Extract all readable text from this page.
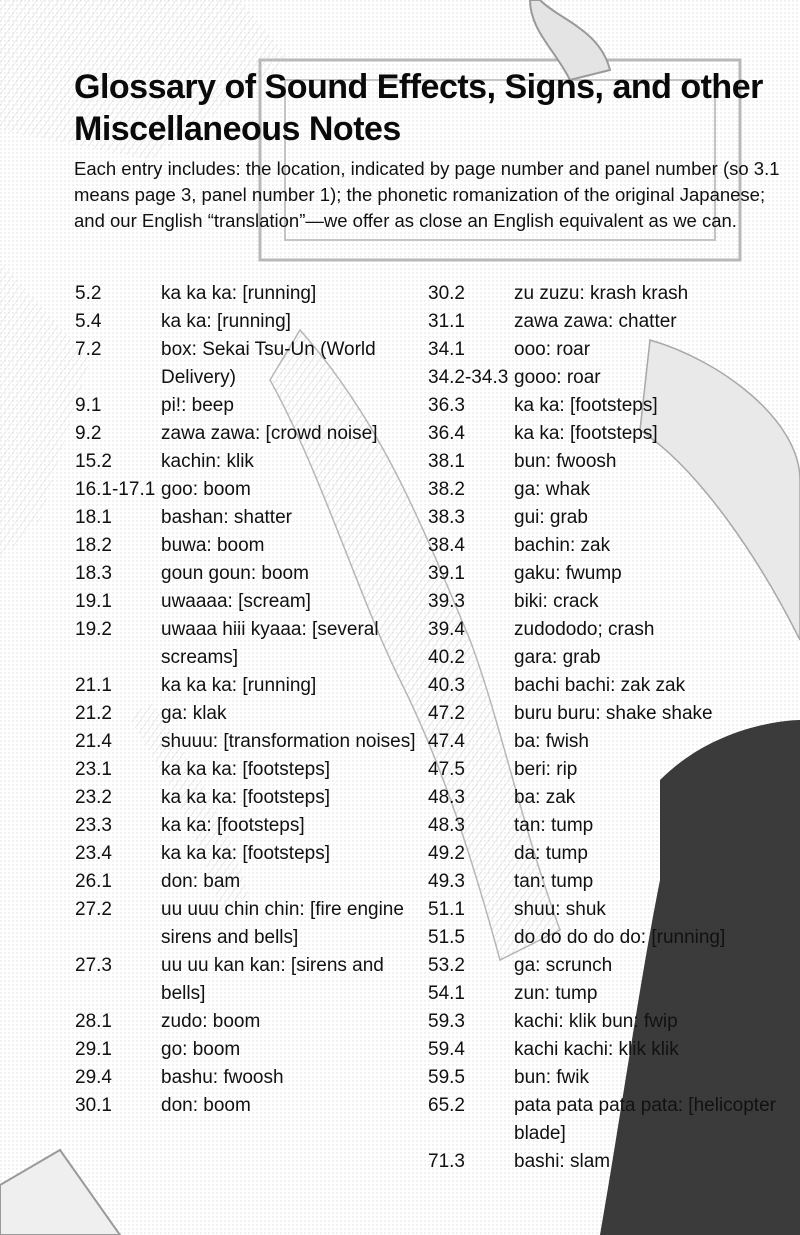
Glossary of Sound Effects, Signs, and other Miscellaneous Notes

Each entry includes: the location, indicated by page number and panel number (so 3.1 means page 3, panel number 1); the phonetic romanization of the original Japanese; and our English “translation”—we offer as close an English equivalent as we can.

5.2	ka ka ka: [running]
5.4	ka ka: [running]
7.2	box: Sekai Tsu-Un (World Delivery)
9.1	pi!: beep
9.2	zawa zawa: [crowd noise]
15.2	kachin: klik
16.1-17.1 goo: boom
18.1	bashan: shatter
18.2	buwa: boom
18.3	goun goun: boom
19.1	uwaaaa: [scream]
19.2	uwaaa hiii kyaaa: [several screams]
21.1	ka ka ka: [running]
21.2	ga: klak
21.4	shuuu: [transformation noises]
23.1	ka ka ka: [footsteps]
23.2	ka ka ka: [footsteps]
23.3	ka ka: [footsteps]
23.4	ka ka ka: [footsteps]
26.1	don: bam
27.2	uu uuu chin chin: [fire engine sirens and bells]
27.3	uu uu kan kan: [sirens and bells]
28.1	zudo: boom
29.1	go: boom
29.4	bashu: fwoosh
30.1	don: boom
30.2	zu zuzu: krash krash
31.1	zawa zawa: chatter
34.1	ooo: roar
34.2-34.3 gooo: roar
36.3	ka ka: [footsteps]
36.4	ka ka: [footsteps]
38.1	bun: fwoosh
38.2	ga: whak
38.3	gui: grab
38.4	bachin: zak
39.1	gaku: fwump
39.3	biki: crack
39.4	zudododo; crash
40.2	gara: grab
40.3	bachi bachi: zak zak
47.2	buru buru: shake shake
47.4	ba: fwish
47.5	beri: rip
48.3	ba: zak
48.3	tan: tump
49.2	da: tump
49.3	tan: tump
51.1	shuu: shuk
51.5	do do do do do: [running]
53.2	ga: scrunch
54.1	zun: tump
59.3	kachi: klik bun: fwip
59.4	kachi kachi: klik klik
59.5	bun: fwik
65.2	pata pata pata pata: [helicopter blade]
71.3	bashi: slam
